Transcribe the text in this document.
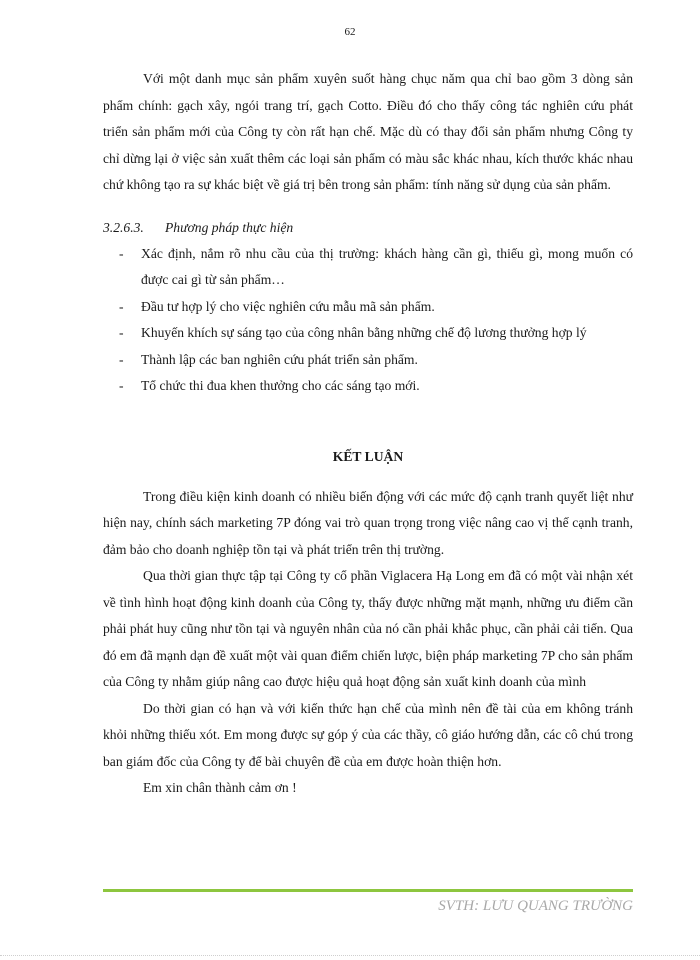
62

Với một danh mục sản phẩm xuyên suốt hàng chục năm qua chỉ bao gồm 3 dòng sản phẩm chính: gạch xây, ngói trang trí, gạch Cotto. Điều đó cho thấy công tác nghiên cứu phát triển sản phẩm mới của Công ty còn rất hạn chế. Mặc dù có thay đổi sản phẩm nhưng Công ty chỉ dừng lại ở việc sản xuất thêm các loại sản phẩm có màu sắc khác nhau, kích thước khác nhau chứ không tạo ra sự khác biệt về giá trị bên trong sản phẩm: tính năng sử dụng của sản phẩm.

3.2.6.3. Phương pháp thực hiện
- Xác định, nắm rõ nhu cầu của thị trường: khách hàng cần gì, thiếu gì, mong muốn có được cai gì từ sản phẩm…
- Đầu tư hợp lý cho việc nghiên cứu mẫu mã sản phẩm.
- Khuyến khích sự sáng tạo của công nhân bằng những chế độ lương thưởng hợp lý
- Thành lập các ban nghiên cứu phát triển sản phẩm.
- Tổ chức thi đua khen thưởng cho các sáng tạo mới.
KẾT LUẬN

Trong điều kiện kinh doanh có nhiều biến động với các mức độ cạnh tranh quyết liệt như hiện nay, chính sách marketing 7P đóng vai trò quan trọng trong việc nâng cao vị thế cạnh tranh, đảm bảo cho doanh nghiệp tồn tại và phát triển trên thị trường.

Qua thời gian thực tập tại Công ty cổ phần Viglacera Hạ Long em đã có một vài nhận xét về tình hình hoạt động kinh doanh của Công ty, thấy được những mặt mạnh, những ưu điểm cần phải phát huy cũng như tồn tại và nguyên nhân của nó cần phải khắc phục, cần phải cải tiến. Qua đó em đã mạnh dạn đề xuất một vài quan điểm chiến lược, biện pháp marketing 7P cho sản phẩm của Công ty nhằm giúp nâng cao được hiệu quả hoạt động sản xuất kinh doanh của mình

Do thời gian có hạn và với kiến thức hạn chế của mình nên đề tài của em không tránh khỏi những thiếu xót. Em mong được sự góp ý của các thầy, cô giáo hướng dẫn, các cô chú trong ban giám đốc của Công ty để bài chuyên đề của em được hoàn thiện hơn.

Em xin chân thành cảm ơn !

SVTH: LƯU QUANG TRƯỜNG
